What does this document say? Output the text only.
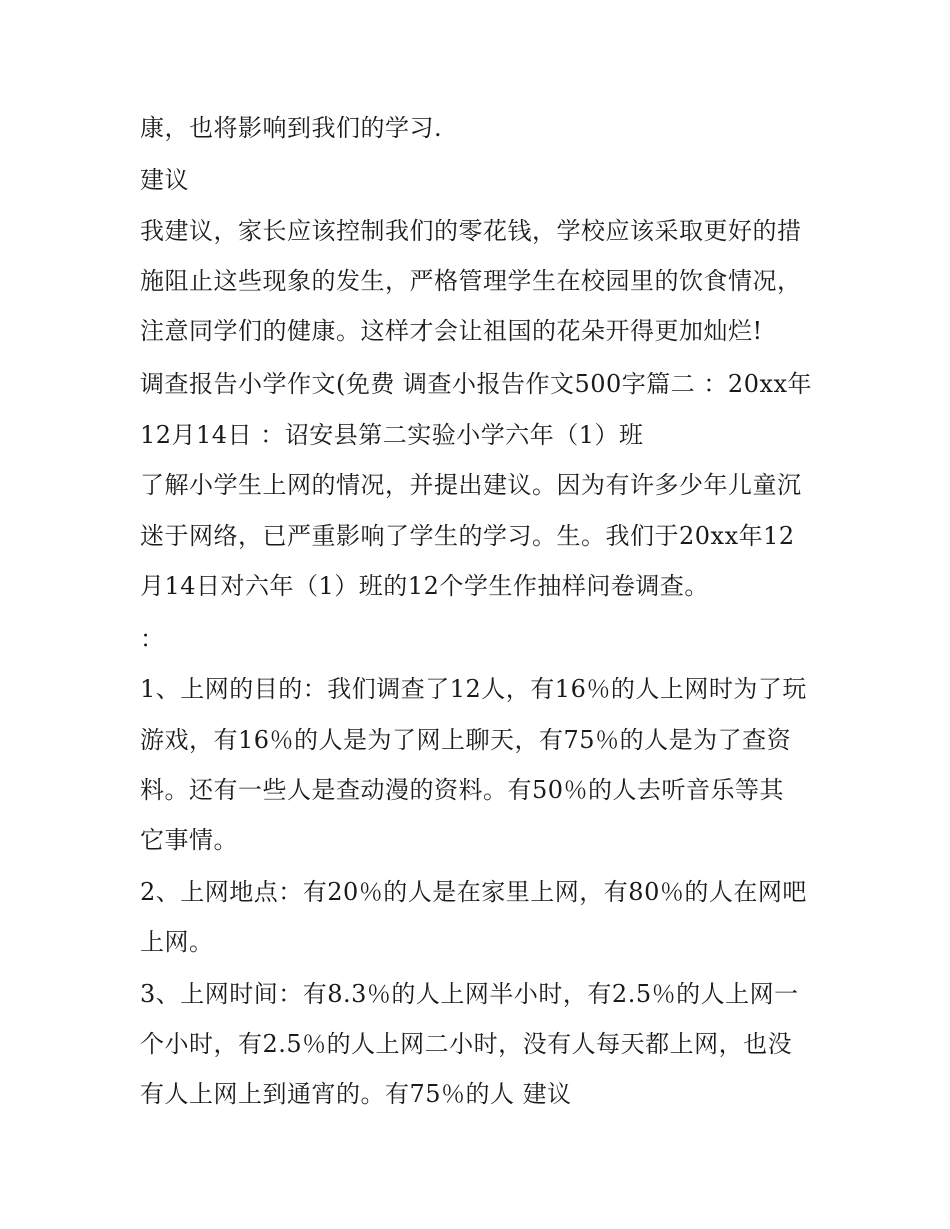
康，也将影响到我们的学习.
建议
我建议，家长应该控制我们的零花钱，学校应该采取更好的措
施阻止这些现象的发生，严格管理学生在校园里的饮食情况，
注意同学们的健康。这样才会让祖国的花朵开得更加灿烂!
调查报告小学作文(免费 调查小报告作文500字篇二 ：20xx年
12月14日 ：诏安县第二实验小学六年（1）班
了解小学生上网的情况，并提出建议。因为有许多少年儿童沉
迷于网络，已严重影响了学生的学习。生。我们于20xx年12
月14日对六年（1）班的12个学生作抽样问卷调查。
：
1、上网的目的：我们调查了12人，有16％的人上网时为了玩
游戏，有16％的人是为了网上聊天，有75％的人是为了查资
料。还有一些人是查动漫的资料。有50％的人去听音乐等其
它事情。
2、上网地点：有20％的人是在家里上网，有80％的人在网吧
上网。
3、上网时间：有8.3％的人上网半小时，有2.5％的人上网一
个小时，有2.5％的人上网二小时，没有人每天都上网，也没
有人上网上到通宵的。有75％的人 建议
